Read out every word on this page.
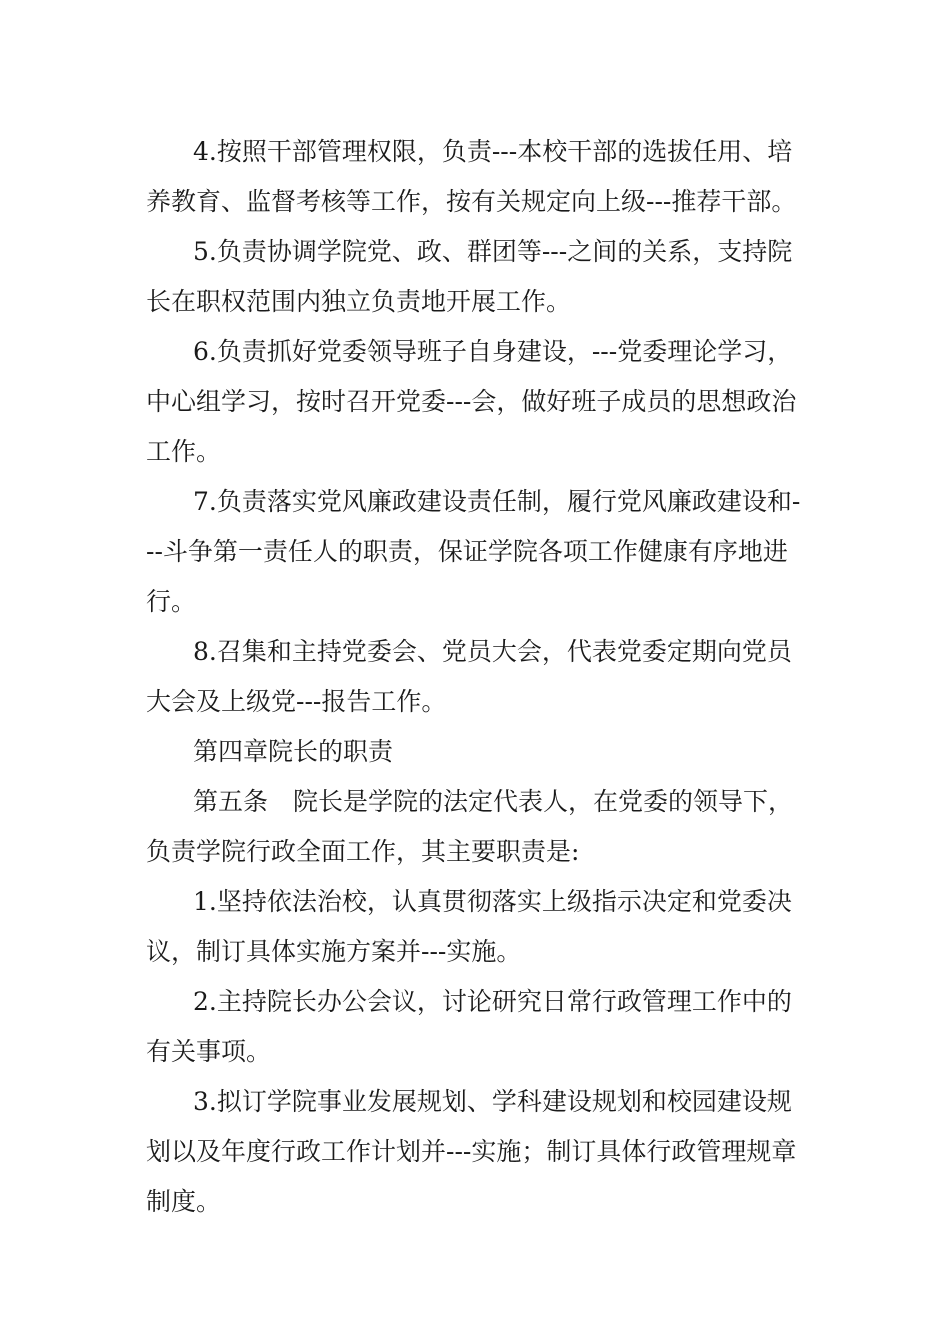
4.按照干部管理权限，负责---本校干部的选拔任用、培
养教育、监督考核等工作，按有关规定向上级---推荐干部。
5.负责协调学院党、政、群团等---之间的关系，支持院
长在职权范围内独立负责地开展工作。
6.负责抓好党委领导班子自身建设，---党委理论学习，
中心组学习，按时召开党委---会，做好班子成员的思想政治
工作。
7.负责落实党风廉政建设责任制，履行党风廉政建设和-
--斗争第一责任人的职责，保证学院各项工作健康有序地进
行。
8.召集和主持党委会、党员大会，代表党委定期向党员
大会及上级党---报告工作。
第四章院长的职责
第五条　院长是学院的法定代表人，在党委的领导下，
负责学院行政全面工作，其主要职责是:
1.坚持依法治校，认真贯彻落实上级指示决定和党委决
议，制订具体实施方案并---实施。
2.主持院长办公会议，讨论研究日常行政管理工作中的
有关事项。
3.拟订学院事业发展规划、学科建设规划和校园建设规
划以及年度行政工作计划并---实施；制订具体行政管理规章
制度。
